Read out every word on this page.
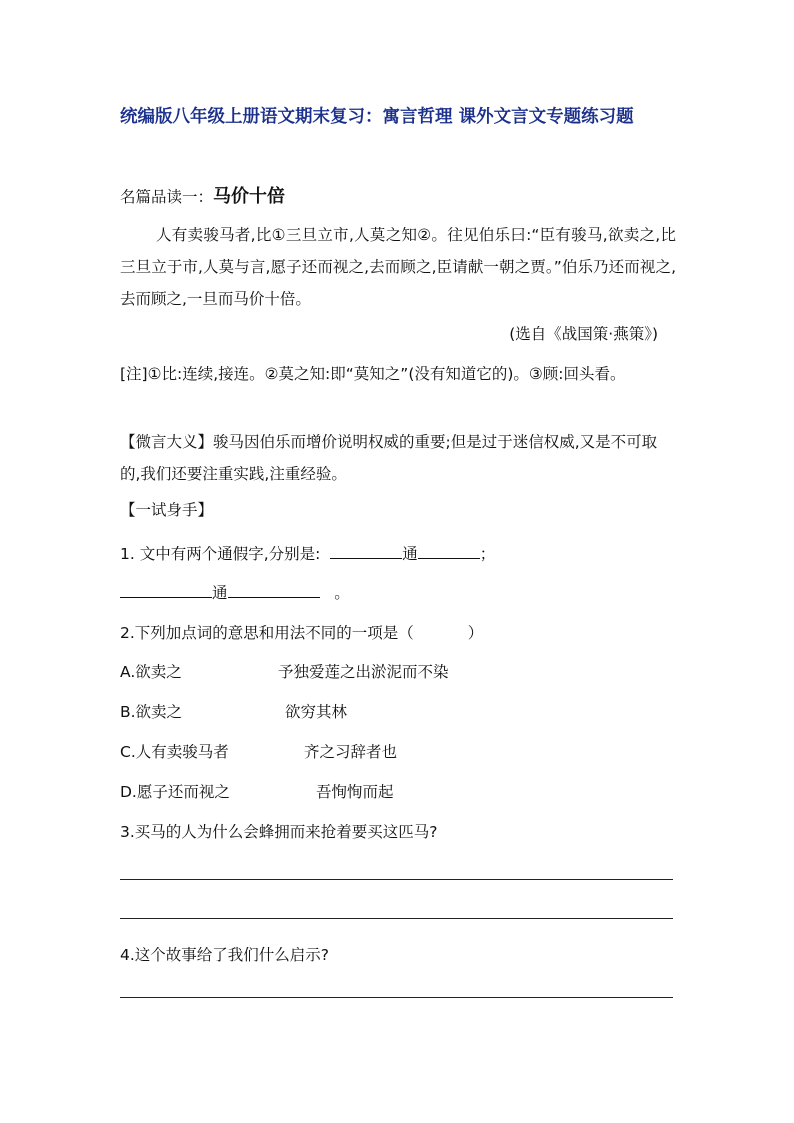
统编版八年级上册语文期末复习：寓言哲理 课外文言文专题练习题
名篇品读一：马价十倍
人有卖骏马者,比①三旦立市,人莫之知②。往见伯乐曰:“臣有骏马,欲卖之,比三旦立于市,人莫与言,愿子还而视之,去而顾之,臣请献一朝之贾。”伯乐乃还而视之,去而顾之,一旦而马价十倍。
(选自《战国策·燕策》)
[注]①比:连续,接连。②莫之知:即“莫知之”(没有知道它的)。③顾:回头看。
【微言大义】骏马因伯乐而增价说明权威的重要;但是过于迷信权威,又是不可取的,我们还要注重实践,注重经验。
【一试身手】
1. 文中有两个通假字,分别是:	通	；
通	。
2.下列加点词的意思和用法不同的一项是（	）
A.欲卖之	予独爱莲之出淤泥而不染
B.欲卖之	欲穷其林
C.人有卖骏马者	齐之习辞者也
D.愿子还而视之	吾恂恂而起
3.买马的人为什么会蜂拥而来抢着要买这匹马?
4.这个故事给了我们什么启示?
